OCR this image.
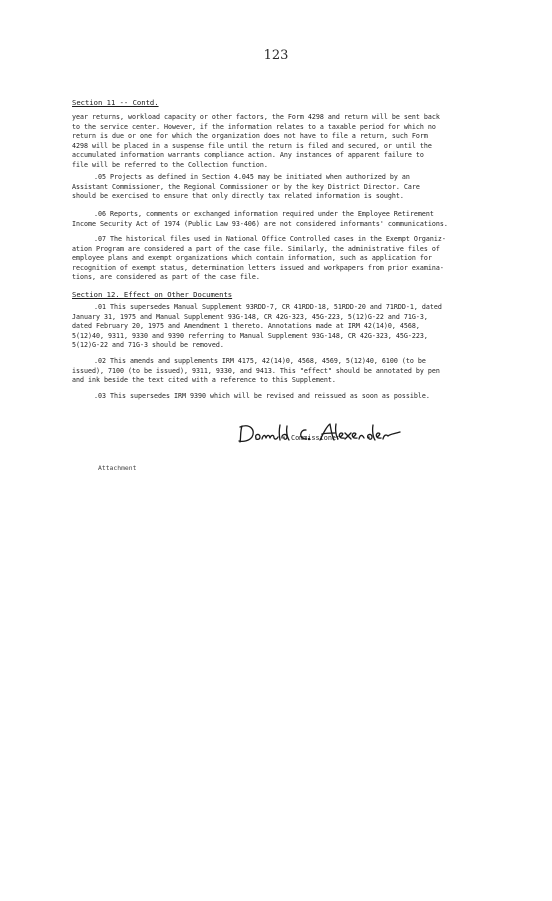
123
Section 11 -- Contd.
year returns, workload capacity or other factors, the Form 4298 and return will be sent back
to the service center. However, if the information relates to a taxable period for which no
return is due or one for which the organization does not have to file a return, such Form
4298 will be placed in a suspense file until the return is filed and secured, or until the
accumulated information warrants compliance action. Any instances of apparent failure to
file will be referred to the Collection function.
.05 Projects as defined in Section 4.045 may be initiated when authorized by an
Assistant Commissioner, the Regional Commissioner or by the key District Director. Care
should be exercised to ensure that only directly tax related information is sought.
.06 Reports, comments or exchanged information required under the Employee Retirement
Income Security Act of 1974 (Public Law 93-406) are not considered informants' communications.
.07 The historical files used in National Office Controlled cases in the Exempt Organiz-
ation Program are considered a part of the case file. Similarly, the administrative files of
employee plans and exempt organizations which contain information, such as application for
recognition of exempt status, determination letters issued and workpapers from prior examina-
tions, are considered as part of the case file.
Section 12. Effect on Other Documents
.01 This supersedes Manual Supplement 93RDD-7, CR 41RDD-18, 51RDD-20 and 71RDD-1, dated
January 31, 1975 and Manual Supplement 93G-148, CR 42G-323, 45G-223, 5(12)G-22 and 71G-3,
dated February 20, 1975 and Amendment 1 thereto. Annotations made at IRM 42(14)0, 4568,
5(12)40, 9311, 9330 and 9390 referring to Manual Supplement 93G-148, CR 42G-323, 45G-223,
5(12)G-22 and 71G-3 should be removed.
.02 This amends and supplements IRM 4175, 42(14)0, 4568, 4569, 5(12)40, 6100 (to be
issued), 7100 (to be issued), 9311, 9330, and 9413. This "effect" should be annotated by pen
and ink beside the text cited with a reference to this Supplement.
.03 This supersedes IRM 9390 which will be revised and reissued as soon as possible.
Commissioner
Attachment
